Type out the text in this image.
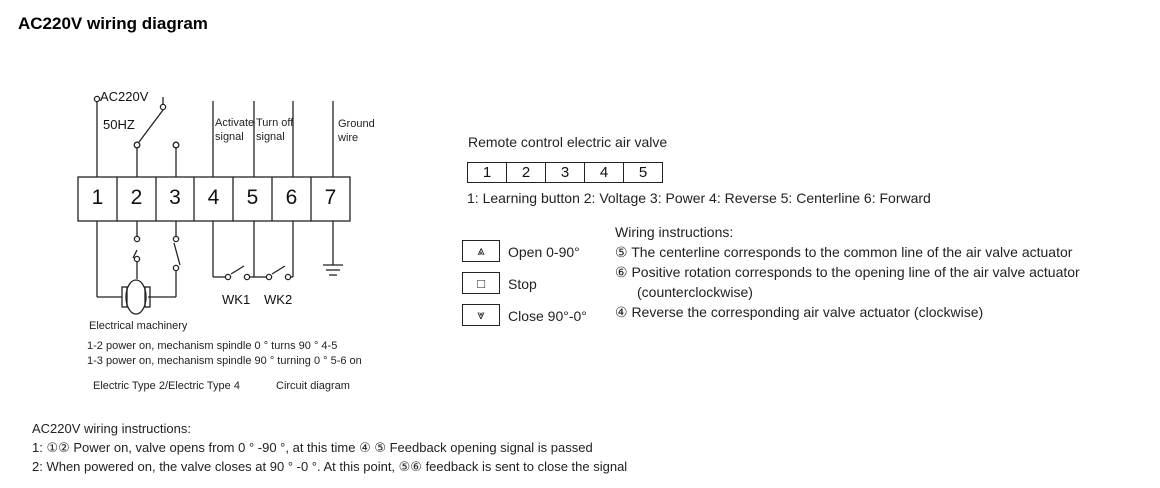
AC220V wiring diagram
AC220V
50HZ	Activate
signal
Turn off
signal
Ground
wire
1	2	3	4	5	6	7
WK1 WK2
Electrical machinery
1-2 power on, mechanism spindle 0 ° turns 90 ° 4-5
1-3 power on, mechanism spindle 90 ° turning 0 ° 5-6 on
Electric Type 2/Electric Type 4	Circuit diagram
Remote control electric air valve
1	2	3	4	5
1: Learning button 2: Voltage 3: Power 4: Reverse 5: Centerline 6: Forward
⩓ Open 0-90°
□ Stop
⩔ Close 90°-0°
Wiring instructions:
⑤ The centerline corresponds to the common line of the air valve actuator
⑥ Positive rotation corresponds to the opening line of the air valve actuator
(counterclockwise)
④ Reverse the corresponding air valve actuator (clockwise)
AC220V wiring instructions:
1: ①② Power on, valve opens from 0 ° -90 °, at this time ④ ⑤ Feedback opening signal is passed
2: When powered on, the valve closes at 90 ° -0 °. At this point, ⑤⑥ feedback is sent to close the signal
